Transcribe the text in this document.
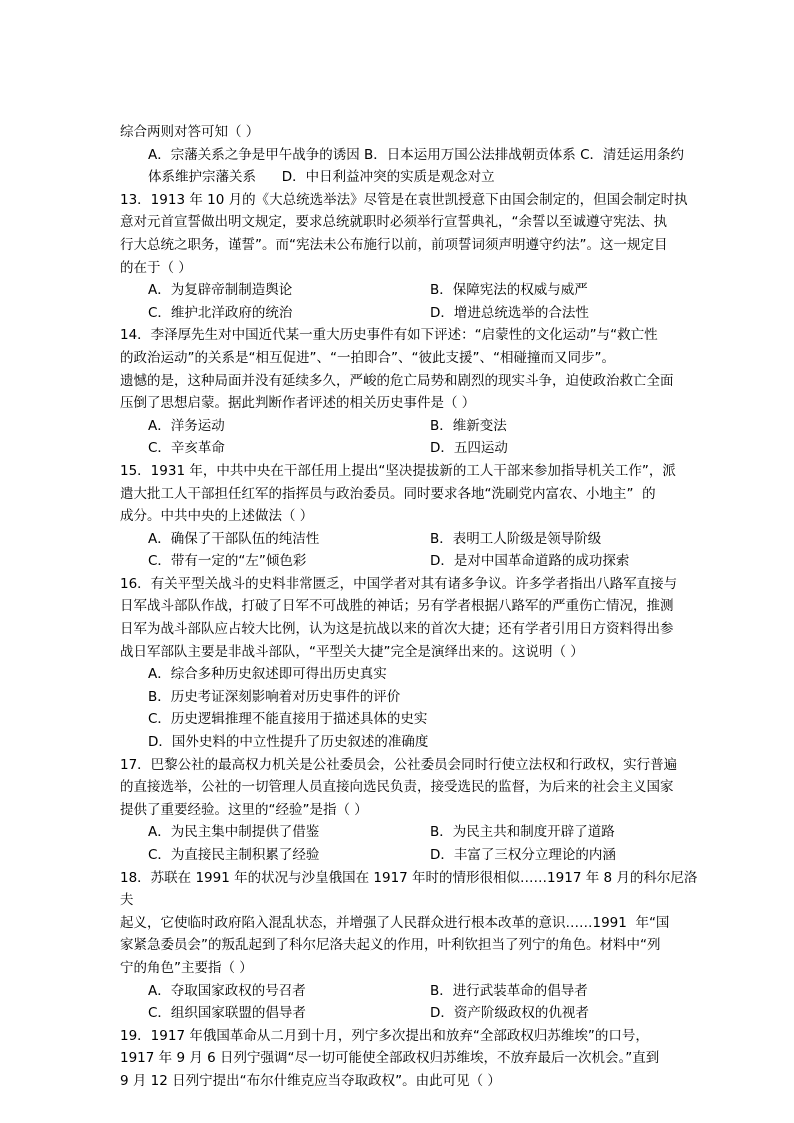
综合两则对答可知（ ）

A．宗藩关系之争是甲午战争的诱因 B．日本运用万国公法排战朝贡体系 C．清廷运用条约

体系维护宗藩关系      D．中日利益冲突的实质是观念对立

13．1913 年 10 月的《大总统选举法》尽管是在袁世凯授意下由国会制定的，但国会制定时执

意对元首宣誓做出明文规定，要求总统就职时必须举行宣誓典礼，“余誓以至诚遵守宪法、执

行大总统之职务，谨誓”。而“宪法未公布施行以前，前项誓词须声明遵守约法”。这一规定目

的在于（ ）

A．为复辟帝制制造舆论	B．保障宪法的权威与威严
C．维护北洋政府的统治	D．增进总统选举的合法性

14．李泽厚先生对中国近代某一重大历史事件有如下评述：“启蒙性的文化运动”与“救亡性

的政治运动”的关系是“相互促进”、“一拍即合”、“彼此支援”、“相碰撞而又同步”。

遗憾的是，这种局面并没有延续多久，严峻的危亡局势和剧烈的现实斗争，迫使政治救亡全面

压倒了思想启蒙。据此判断作者评述的相关历史事件是（ ）

A．洋务运动	B．维新变法
C．辛亥革命	D．五四运动

15．1931 年，中共中央在干部任用上提出“坚决提拔新的工人干部来参加指导机关工作”，派

遣大批工人干部担任红军的指挥员与政治委员。同时要求各地“洗刷党内富农、小地主”  的

成分。中共中央的上述做法（ ）

A．确保了干部队伍的纯洁性	B．表明工人阶级是领导阶级
C．带有一定的“左”倾色彩	D．是对中国革命道路的成功探索

16．有关平型关战斗的史料非常匮乏，中国学者对其有诸多争议。许多学者指出八路军直接与

日军战斗部队作战，打破了日军不可战胜的神话；另有学者根据八路军的严重伤亡情况，推测

日军为战斗部队应占较大比例，认为这是抗战以来的首次大捷；还有学者引用日方资料得出参

战日军部队主要是非战斗部队，“平型关大捷”完全是演绎出来的。这说明（ ）

A．综合多种历史叙述即可得出历史真实

B．历史考证深刻影响着对历史事件的评价

C．历史逻辑推理不能直接用于描述具体的史实

D．国外史料的中立性提升了历史叙述的准确度

17．巴黎公社的最高权力机关是公社委员会，公社委员会同时行使立法权和行政权，实行普遍

的直接选举，公社的一切管理人员直接向选民负责，接受选民的监督，为后来的社会主义国家

提供了重要经验。这里的“经验”是指（ ）

A．为民主集中制提供了借鉴	B．为民主共和制度开辟了道路
C．为直接民主制积累了经验	D．丰富了三权分立理论的内涵

18．苏联在 1991 年的状况与沙皇俄国在 1917 年时的情形很相似……1917 年 8 月的科尔尼洛夫

起义，它使临时政府陷入混乱状态，并增强了人民群众进行根本改革的意识……1991  年“国

家紧急委员会”的叛乱起到了科尔尼洛夫起义的作用，叶利钦担当了列宁的角色。材料中“列

宁的角色”主要指（ ）

A．夺取国家政权的号召者	B．进行武装革命的倡导者
C．组织国家联盟的倡导者	D．资产阶级政权的仇视者

19．1917 年俄国革命从二月到十月，列宁多次提出和放弃“全部政权归苏维埃”的口号，

1917 年 9 月 6 日列宁强调“尽一切可能使全部政权归苏维埃，不放弃最后一次机会。”直到

9 月 12 日列宁提出“布尔什维克应当夺取政权”。由此可见（ ）
